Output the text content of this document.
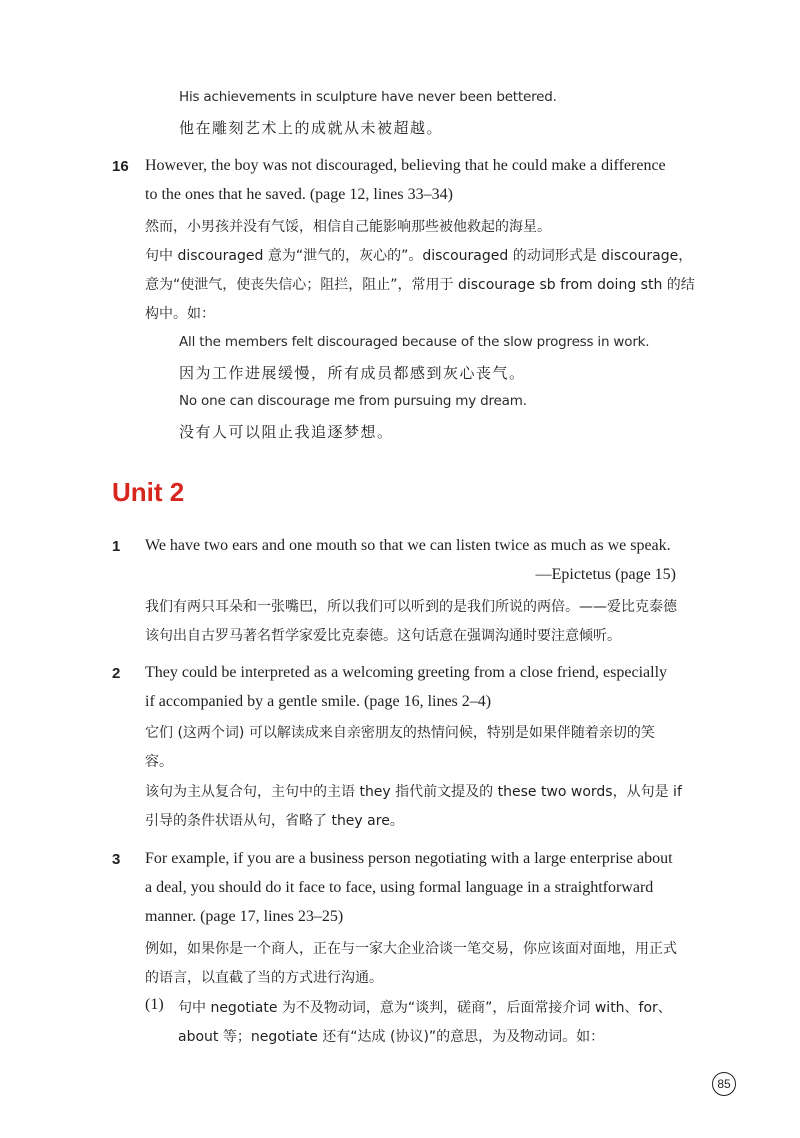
His achievements in sculpture have never been bettered.
他在雕刻艺术上的成就从未被超越。
16 However, the boy was not discouraged, believing that he could make a difference
to the ones that he saved. (page 12, lines 33–34)
然而，小男孩并没有气馁，相信自己能影响那些被他救起的海星。
句中 discouraged 意为“泄气的，灰心的”。discouraged 的动词形式是 discourage，
意为“使泄气，使丧失信心；阻拦，阻止”，常用于 discourage sb from doing sth 的结
构中。如：
All the members felt discouraged because of the slow progress in work.
因为工作进展缓慢，所有成员都感到灰心丧气。
No one can discourage me from pursuing my dream.
没有人可以阻止我追逐梦想。
Unit 2
1 We have two ears and one mouth so that we can listen twice as much as we speak.
—Epictetus (page 15)
我们有两只耳朵和一张嘴巴，所以我们可以听到的是我们所说的两倍。——爱比克泰德
该句出自古罗马著名哲学家爱比克泰德。这句话意在强调沟通时要注意倾听。
2 They could be interpreted as a welcoming greeting from a close friend, especially
if accompanied by a gentle smile. (page 16, lines 2–4)
它们 (这两个词) 可以解读成来自亲密朋友的热情问候，特别是如果伴随着亲切的笑
容。
该句为主从复合句，主句中的主语 they 指代前文提及的 these two words，从句是 if
引导的条件状语从句，省略了 they are。
3 For example, if you are a business person negotiating with a large enterprise about
a deal, you should do it face to face, using formal language in a straightforward
manner. (page 17, lines 23–25)
例如，如果你是一个商人，正在与一家大企业洽谈一笔交易，你应该面对面地，用正式
的语言，以直截了当的方式进行沟通。
(1) 句中 negotiate 为不及物动词，意为“谈判，磋商”，后面常接介词 with、for、
about 等；negotiate 还有“达成 (协议)”的意思，为及物动词。如：
85
